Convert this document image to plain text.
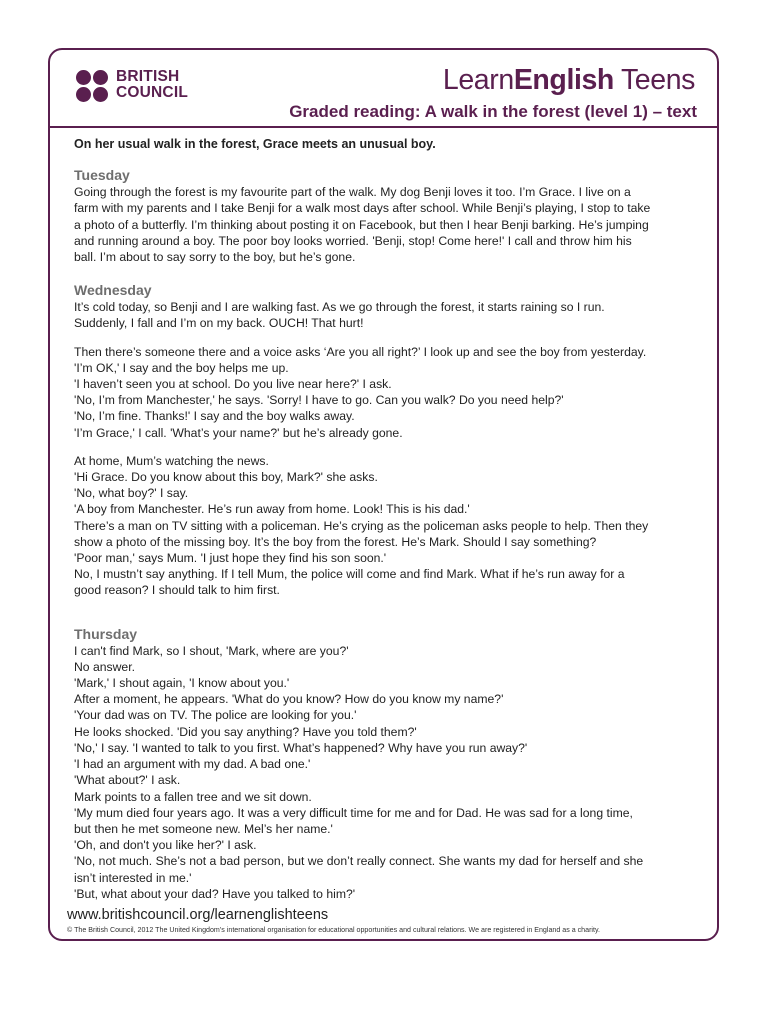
BRITISH
COUNCIL	LearnEnglish Teens
Graded reading: A walk in the forest (level 1) – text

On her usual walk in the forest, Grace meets an unusual boy.

Tuesday

Going through the forest is my favourite part of the walk. My dog Benji loves it too. I’m Grace. I live on a

farm with my parents and I take Benji for a walk most days after school. While Benji’s playing, I stop to take

a photo of a butterfly. I’m thinking about posting it on Facebook, but then I hear Benji barking. He’s jumping

and running around a boy. The poor boy looks worried. 'Benji, stop! Come here!' I call and throw him his

ball. I’m about to say sorry to the boy, but he’s gone.

Wednesday

It’s cold today, so Benji and I are walking fast. As we go through the forest, it starts raining so I run.

Suddenly, I fall and I’m on my back. OUCH! That hurt!

Then there’s someone there and a voice asks ‘Are you all right?’ I look up and see the boy from yesterday.

'I’m OK,' I say and the boy helps me up.

'I haven’t seen you at school. Do you live near here?' I ask.

'No, I’m from Manchester,' he says. 'Sorry! I have to go. Can you walk? Do you need help?'

'No, I’m fine. Thanks!' I say and the boy walks away.

'I’m Grace,' I call. 'What’s your name?' but he’s already gone.

At home, Mum’s watching the news.

'Hi Grace. Do you know about this boy, Mark?' she asks.

'No, what boy?' I say.

'A boy from Manchester. He’s run away from home. Look! This is his dad.'

There’s a man on TV sitting with a policeman. He’s crying as the policeman asks people to help. Then they

show a photo of the missing boy. It’s the boy from the forest. He’s Mark. Should I say something?

'Poor man,' says Mum. 'I just hope they find his son soon.'

No, I mustn’t say anything. If I tell Mum, the police will come and find Mark. What if he’s run away for a

good reason? I should talk to him first.

Thursday

I can't find Mark, so I shout, 'Mark, where are you?'

No answer.

'Mark,' I shout again, 'I know about you.'

After a moment, he appears. 'What do you know? How do you know my name?'

'Your dad was on TV. The police are looking for you.'

He looks shocked. 'Did you say anything? Have you told them?'

'No,' I say. 'I wanted to talk to you first. What’s happened? Why have you run away?'

'I had an argument with my dad. A bad one.'

'What about?' I ask.

Mark points to a fallen tree and we sit down.

'My mum died four years ago. It was a very difficult time for me and for Dad. He was sad for a long time,

but then he met someone new. Mel’s her name.'

'Oh, and don't you like her?' I ask.

'No, not much. She’s not a bad person, but we don’t really connect. She wants my dad for herself and she

isn’t interested in me.'

'But, what about your dad? Have you talked to him?'

www.britishcouncil.org/learnenglishteens
© The British Council, 2012 The United Kingdom’s international organisation for educational opportunities and cultural relations. We are registered in England as a charity.
